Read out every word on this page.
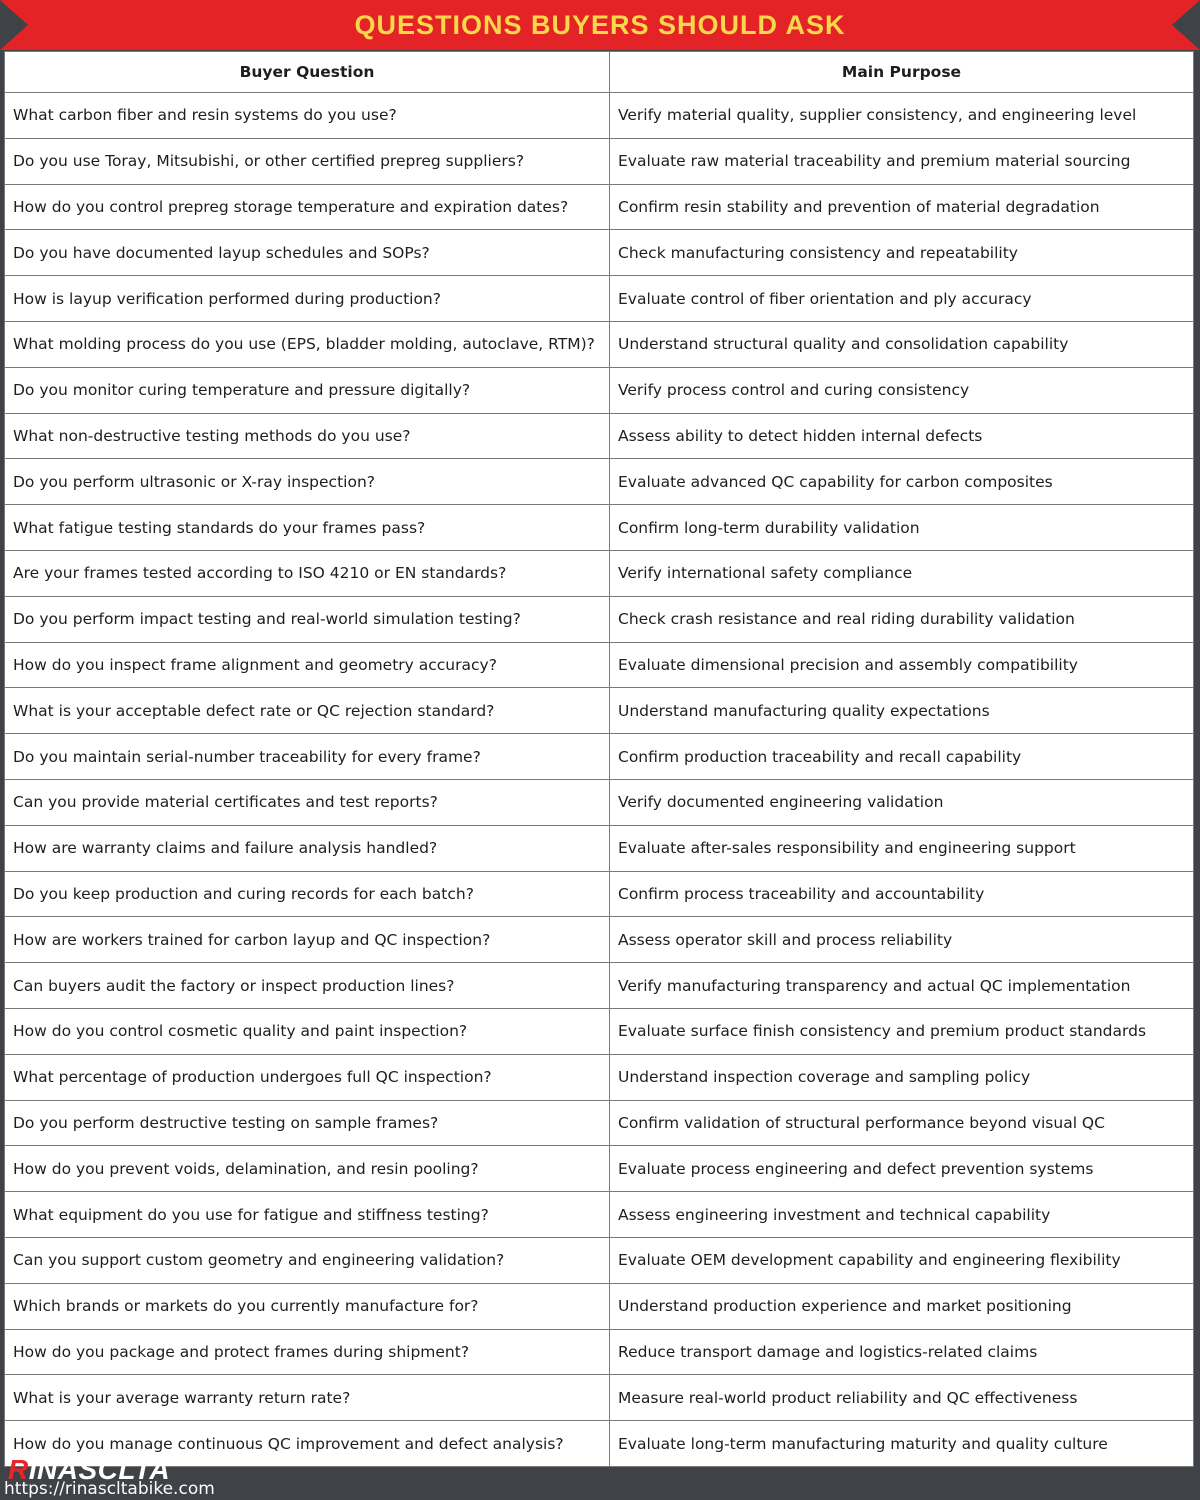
QUESTIONS BUYERS SHOULD ASK
Buyer Question	Main Purpose
What carbon fiber and resin systems do you use?	Verify material quality, supplier consistency, and engineering level
Do you use Toray, Mitsubishi, or other certified prepreg suppliers?	Evaluate raw material traceability and premium material sourcing
How do you control prepreg storage temperature and expiration dates?	Confirm resin stability and prevention of material degradation
Do you have documented layup schedules and SOPs?	Check manufacturing consistency and repeatability
How is layup verification performed during production?	Evaluate control of fiber orientation and ply accuracy
What molding process do you use (EPS, bladder molding, autoclave, RTM)?	Understand structural quality and consolidation capability
Do you monitor curing temperature and pressure digitally?	Verify process control and curing consistency
What non-destructive testing methods do you use?	Assess ability to detect hidden internal defects
Do you perform ultrasonic or X-ray inspection?	Evaluate advanced QC capability for carbon composites
What fatigue testing standards do your frames pass?	Confirm long-term durability validation
Are your frames tested according to ISO 4210 or EN standards?	Verify international safety compliance
Do you perform impact testing and real-world simulation testing?	Check crash resistance and real riding durability validation
How do you inspect frame alignment and geometry accuracy?	Evaluate dimensional precision and assembly compatibility
What is your acceptable defect rate or QC rejection standard?	Understand manufacturing quality expectations
Do you maintain serial-number traceability for every frame?	Confirm production traceability and recall capability
Can you provide material certificates and test reports?	Verify documented engineering validation
How are warranty claims and failure analysis handled?	Evaluate after-sales responsibility and engineering support
Do you keep production and curing records for each batch?	Confirm process traceability and accountability
How are workers trained for carbon layup and QC inspection?	Assess operator skill and process reliability
Can buyers audit the factory or inspect production lines?	Verify manufacturing transparency and actual QC implementation
How do you control cosmetic quality and paint inspection?	Evaluate surface finish consistency and premium product standards
What percentage of production undergoes full QC inspection?	Understand inspection coverage and sampling policy
Do you perform destructive testing on sample frames?	Confirm validation of structural performance beyond visual QC
How do you prevent voids, delamination, and resin pooling?	Evaluate process engineering and defect prevention systems
What equipment do you use for fatigue and stiffness testing?	Assess engineering investment and technical capability
Can you support custom geometry and engineering validation?	Evaluate OEM development capability and engineering flexibility
Which brands or markets do you currently manufacture for?	Understand production experience and market positioning
How do you package and protect frames during shipment?	Reduce transport damage and logistics-related claims
What is your average warranty return rate?	Measure real-world product reliability and QC effectiveness
How do you manage continuous QC improvement and defect analysis?	Evaluate long-term manufacturing maturity and quality culture
RINASCLTA
https://rinasclt‌abike.com
